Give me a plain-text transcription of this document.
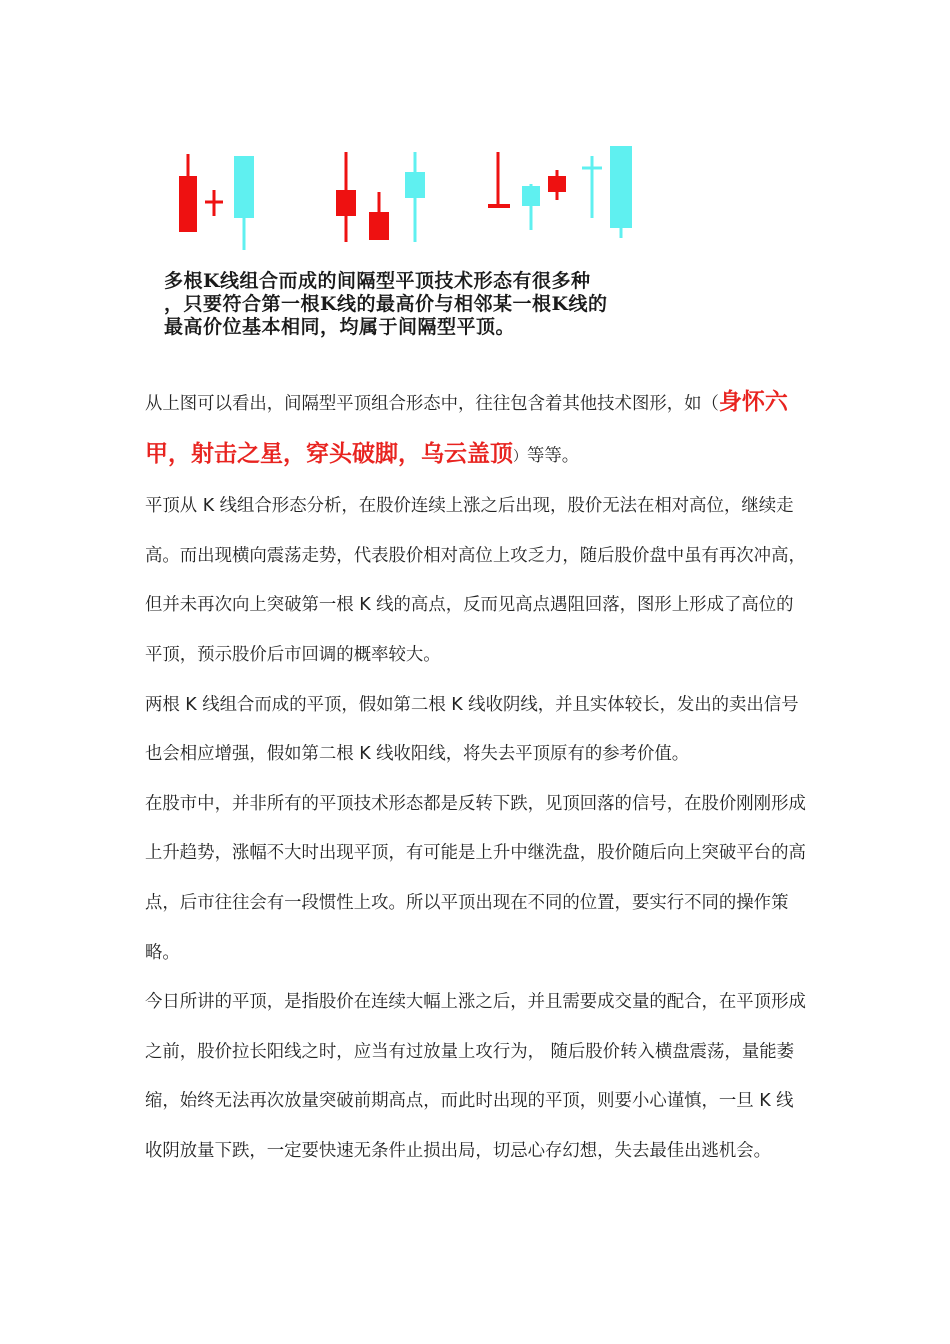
多根K线组合而成的间隔型平顶技术形态有很多种
，只要符合第一根K线的最高价与相邻某一根K线的
最高价位基本相同，均属于间隔型平顶。

从上图可以看出，间隔型平顶组合形态中，往往包含着其他技术图形，如（身怀六甲，射击之星，穿头破脚，乌云盖顶）等等。

平顶从 K 线组合形态分析，在股价连续上涨之后出现，股价无法在相对高位，继续走高。而出现横向震荡走势，代表股价相对高位上攻乏力，随后股价盘中虽有再次冲高，但并未再次向上突破第一根 K 线的高点，反而见高点遇阻回落，图形上形成了高位的平顶，预示股价后市回调的概率较大。

两根 K 线组合而成的平顶，假如第二根 K 线收阴线，并且实体较长，发出的卖出信号也会相应增强，假如第二根 K 线收阳线，将失去平顶原有的参考价值。

在股市中，并非所有的平顶技术形态都是反转下跌，见顶回落的信号，在股价刚刚形成上升趋势，涨幅不大时出现平顶，有可能是上升中继洗盘，股价随后向上突破平台的高点，后市往往会有一段惯性上攻。所以平顶出现在不同的位置，要实行不同的操作策略。

今日所讲的平顶，是指股价在连续大幅上涨之后，并且需要成交量的配合，在平顶形成之前，股价拉长阳线之时，应当有过放量上攻行为， 随后股价转入横盘震荡，量能萎缩，始终无法再次放量突破前期高点，而此时出现的平顶，则要小心谨慎，一旦 K 线收阴放量下跌，一定要快速无条件止损出局，切忌心存幻想，失去最佳出逃机会。
